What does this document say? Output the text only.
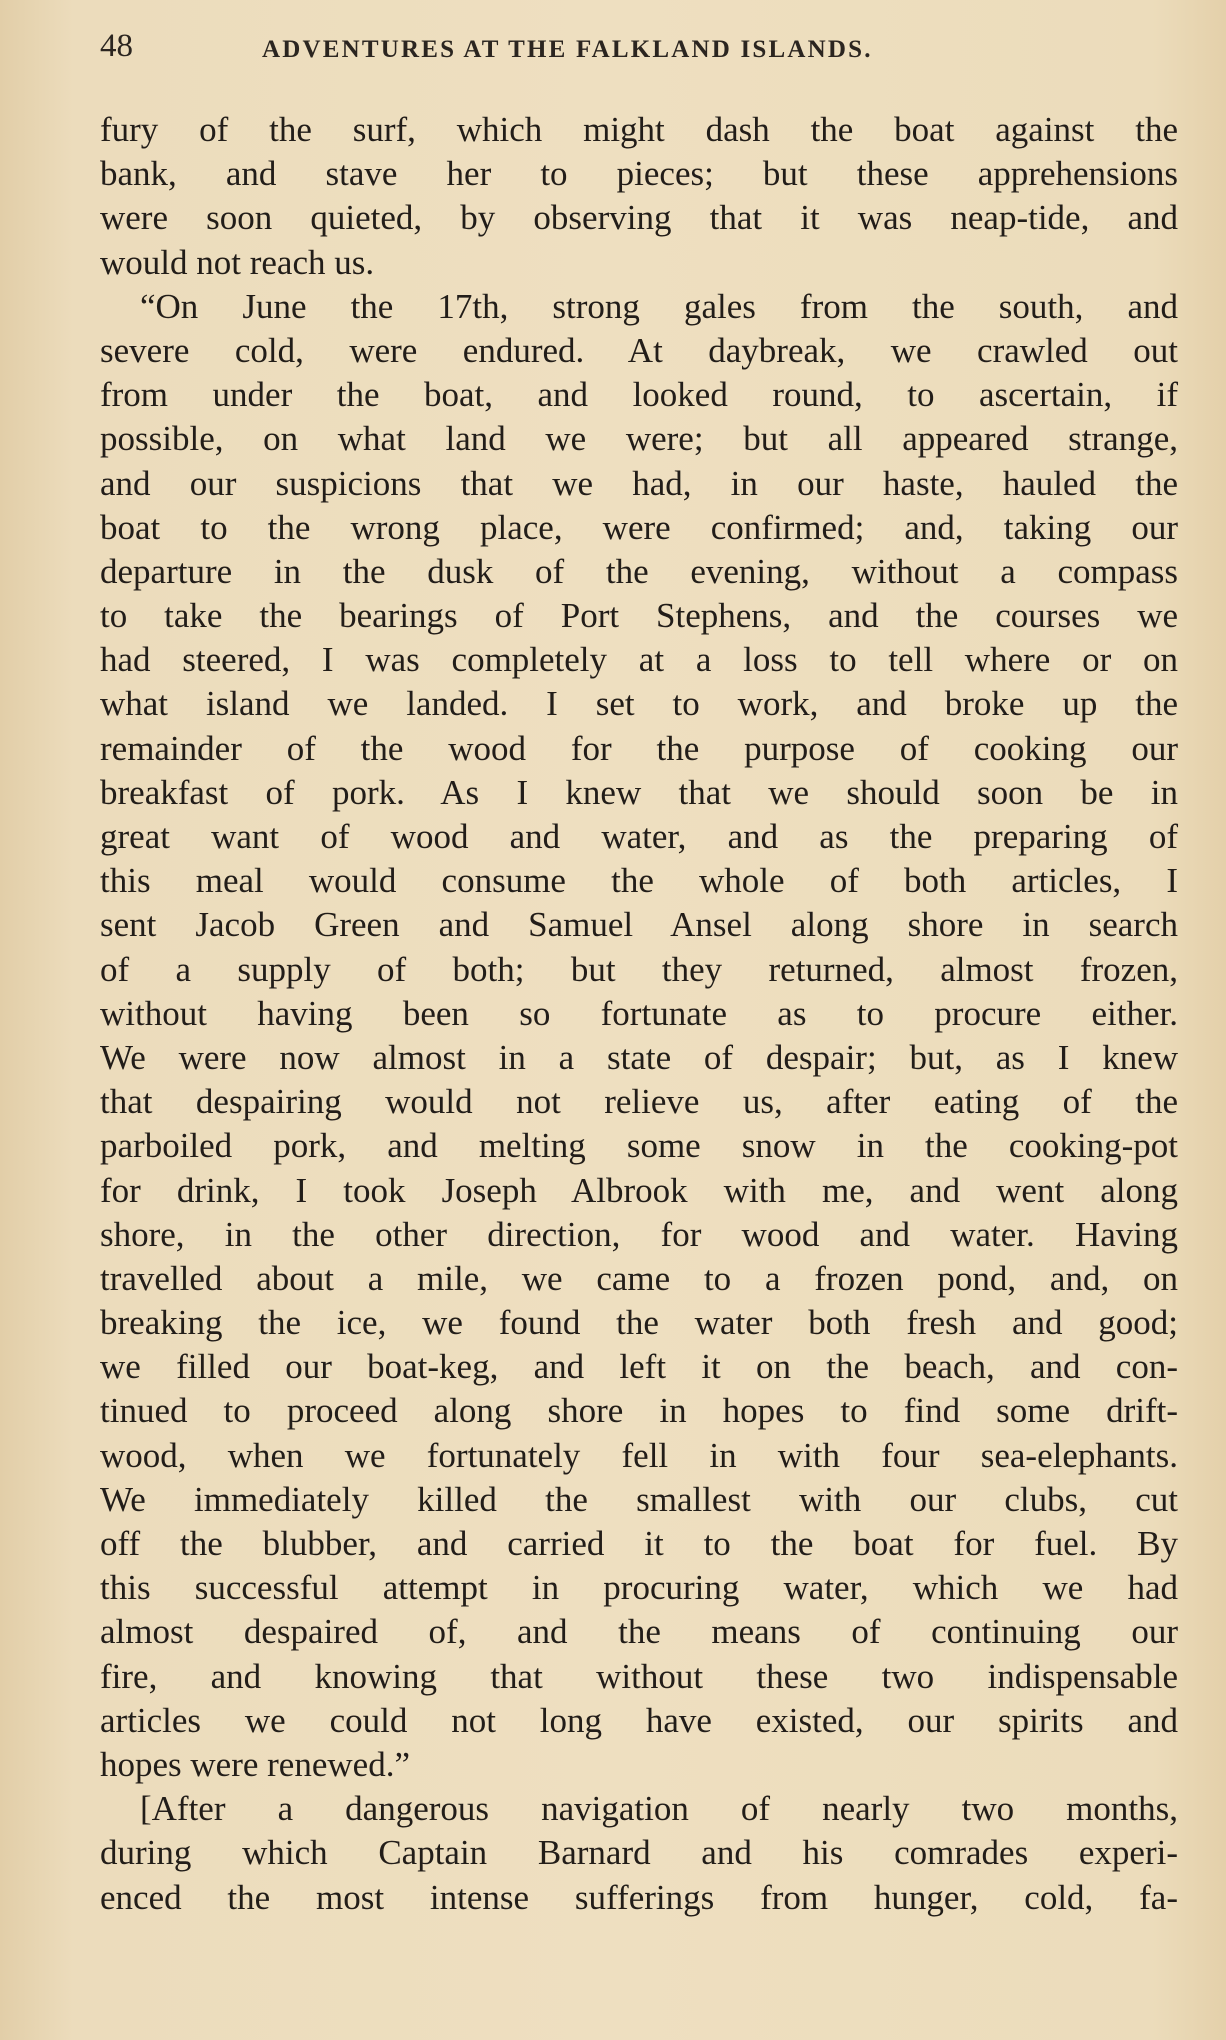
48	ADVENTURES AT THE FALKLAND ISLANDS.
fury of the surf, which might dash the boat against the
bank, and stave her to pieces; but these apprehensions
were soon quieted, by observing that it was neap-tide, and
would not reach us.
“On June the 17th, strong gales from the south, and
severe cold, were endured. At daybreak, we crawled out
from under the boat, and looked round, to ascertain, if
possible, on what land we were; but all appeared strange,
and our suspicions that we had, in our haste, hauled the
boat to the wrong place, were confirmed; and, taking our
departure in the dusk of the evening, without a compass
to take the bearings of Port Stephens, and the courses we
had steered, I was completely at a loss to tell where or on
what island we landed. I set to work, and broke up the
remainder of the wood for the purpose of cooking our
breakfast of pork. As I knew that we should soon be in
great want of wood and water, and as the preparing of
this meal would consume the whole of both articles, I
sent Jacob Green and Samuel Ansel along shore in search
of a supply of both; but they returned, almost frozen,
without having been so fortunate as to procure either.
We were now almost in a state of despair; but, as I knew
that despairing would not relieve us, after eating of the
parboiled pork, and melting some snow in the cooking-pot
for drink, I took Joseph Albrook with me, and went along
shore, in the other direction, for wood and water. Having
travelled about a mile, we came to a frozen pond, and, on
breaking the ice, we found the water both fresh and good;
we filled our boat-keg, and left it on the beach, and con-
tinued to proceed along shore in hopes to find some drift-
wood, when we fortunately fell in with four sea-elephants.
We immediately killed the smallest with our clubs, cut
off the blubber, and carried it to the boat for fuel. By
this successful attempt in procuring water, which we had
almost despaired of, and the means of continuing our
fire, and knowing that without these two indispensable
articles we could not long have existed, our spirits and
hopes were renewed.”
[After a dangerous navigation of nearly two months,
during which Captain Barnard and his comrades experi-
enced the most intense sufferings from hunger, cold, fa-
